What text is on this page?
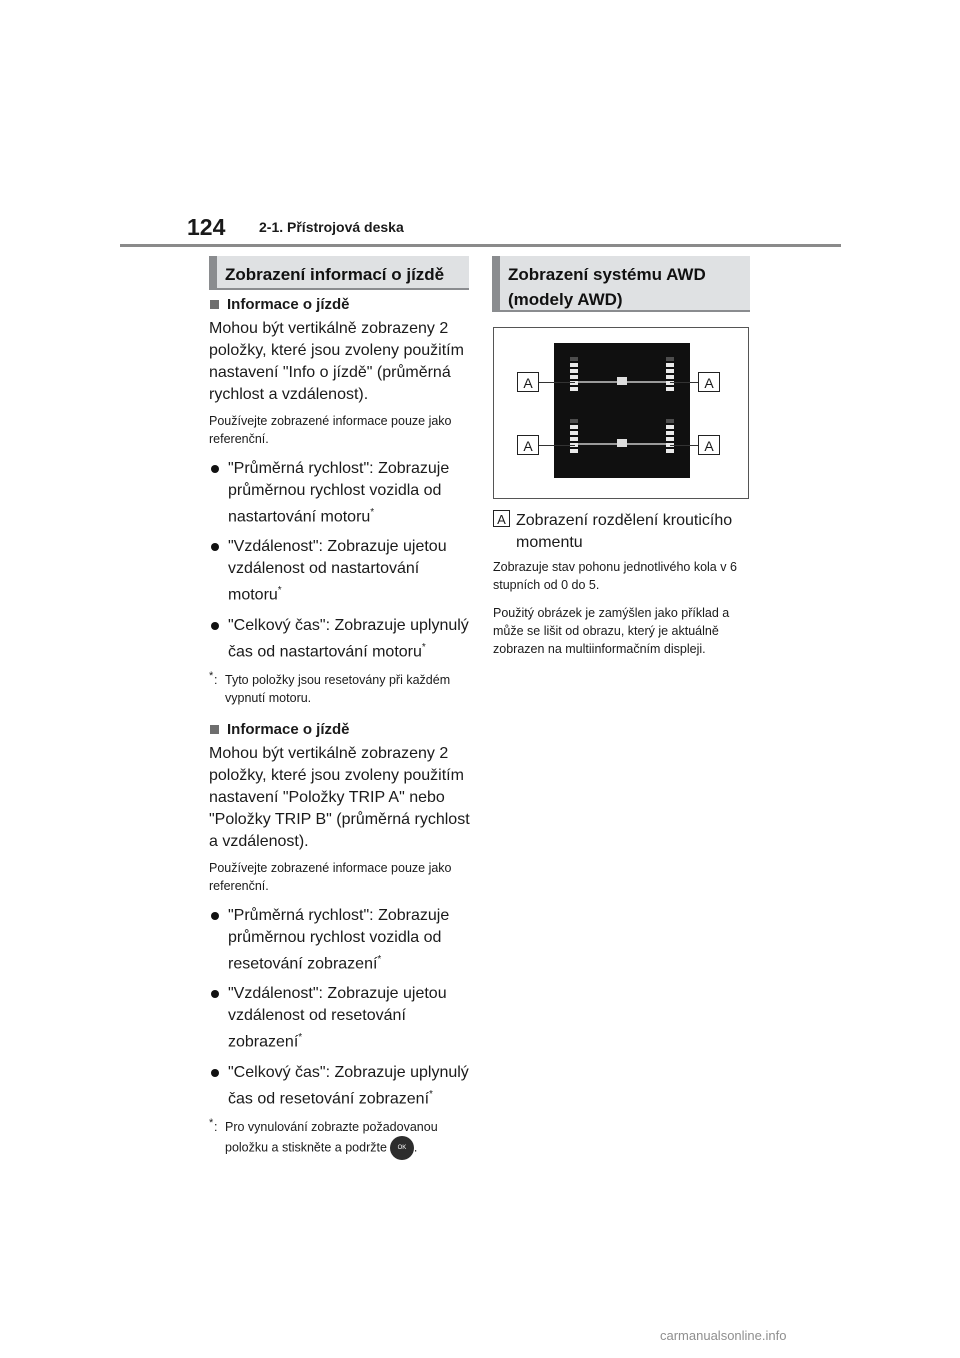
124 2-1. Přístrojová deska
Zobrazení informací o jízdě
Informace o jízdě

Mohou být vertikálně zobrazeny 2 položky, které jsou zvoleny použitím nastavení "Info o jízdě" (průměrná rychlost a vzdálenost).

Používejte zobrazené informace pouze jako referenční.

"Průměrná rychlost": Zobrazuje průměrnou rychlost vozidla od nastartování motoru*
"Vzdálenost": Zobrazuje ujetou vzdálenost od nastartování motoru*
"Celkový čas": Zobrazuje uplynulý čas od nastartování motoru*
* : Tyto položky jsou resetovány při každém vypnutí motoru.
Informace o jízdě

Mohou být vertikálně zobrazeny 2 položky, které jsou zvoleny použitím nastavení "Položky TRIP A" nebo "Položky TRIP B" (průměrná rychlost a vzdálenost).

Používejte zobrazené informace pouze jako referenční.

"Průměrná rychlost": Zobrazuje průměrnou rychlost vozidla od resetování zobrazení*
"Vzdálenost": Zobrazuje ujetou vzdálenost od resetování zobrazení*
"Celkový čas": Zobrazuje uplynulý čas od resetování zobrazení*
* : Pro vynulování zobrazte požadovanou položku a stiskněte a podržte OK .
Zobrazení systému AWD
(modely AWD)
A	A
A	A
A Zobrazení rozdělení krouticího momentu

Zobrazuje stav pohonu jednotlivého kola v 6 stupních od 0 do 5.

Použitý obrázek je zamýšlen jako příklad a může se lišit od obrazu, který je aktuálně zobrazen na multiinformačním displeji.

carmanualsonline.info
